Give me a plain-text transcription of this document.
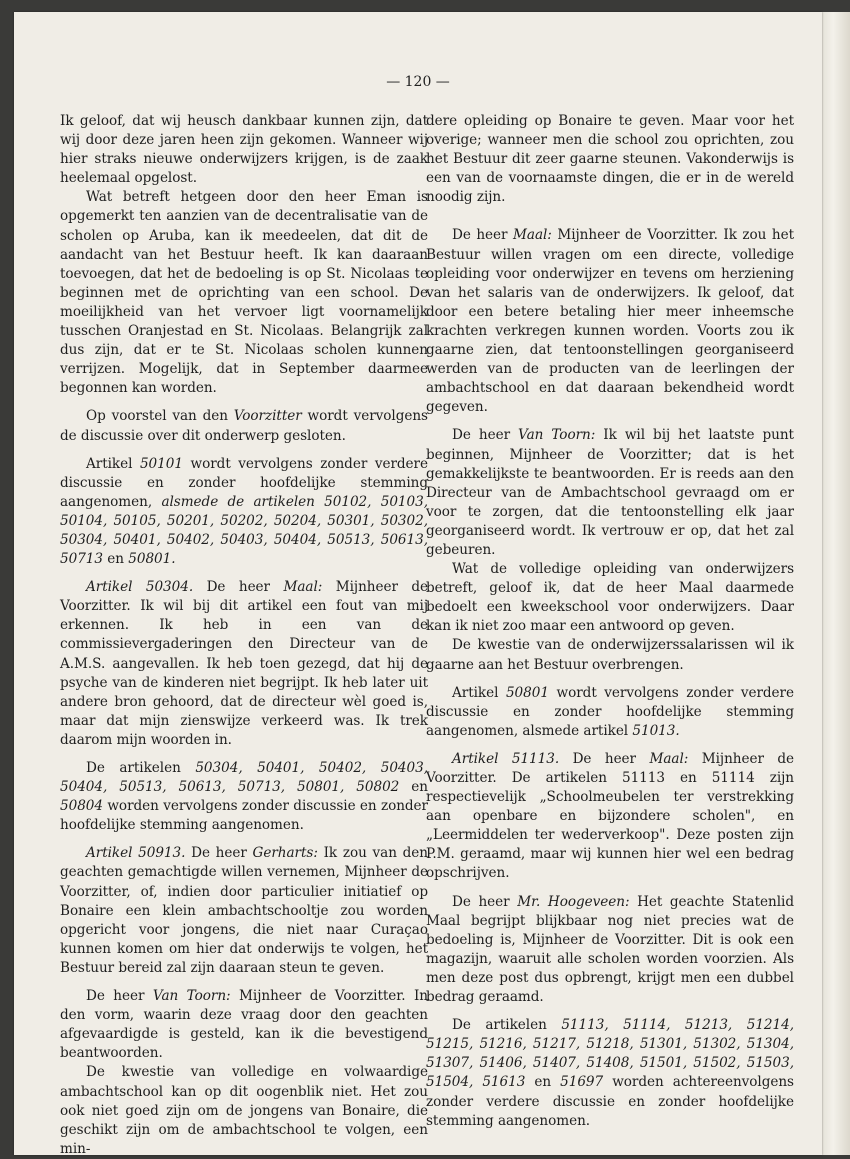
— 120 —

Ik geloof, dat wij heusch dankbaar kunnen zijn, dat wij door deze jaren heen zijn gekomen. Wanneer wij hier straks nieuwe onderwijzers krijgen, is de zaak heelemaal opgelost.

Wat betreft hetgeen door den heer Eman is opgemerkt ten aanzien van de decentralisatie van de scholen op Aruba, kan ik meedeelen, dat dit de aandacht van het Bestuur heeft. Ik kan daaraan toevoegen, dat het de bedoeling is op St. Nicolaas te beginnen met de oprichting van een school. De moeilijkheid van het vervoer ligt voornamelijk tusschen Oranjestad en St. Nicolaas. Belangrijk zal dus zijn, dat er te St. Nicolaas scholen kunnen verrijzen. Mogelijk, dat in September daarmee begonnen kan worden.

Op voorstel van den Voorzitter wordt vervolgens de discussie over dit onderwerp gesloten.

Artikel 50101 wordt vervolgens zonder verdere discussie en zonder hoofdelijke stemming aangenomen, alsmede de artikelen 50102, 50103, 50104, 50105, 50201, 50202, 50204, 50301, 50302, 50304, 50401, 50402, 50403, 50404, 50513, 50613, 50713 en 50801.

Artikel 50304. De heer Maal: Mijnheer de Voorzitter. Ik wil bij dit artikel een fout van mij erkennen. Ik heb in een van de commissievergaderingen den Directeur van de A.M.S. aangevallen. Ik heb toen gezegd, dat hij de psyche van de kinderen niet begrijpt. Ik heb later uit andere bron gehoord, dat de directeur wèl goed is, maar dat mijn zienswijze verkeerd was. Ik trek daarom mijn woorden in.

De artikelen 50304, 50401, 50402, 50403, 50404, 50513, 50613, 50713, 50801, 50802 en 50804 worden vervolgens zonder discussie en zonder hoofdelijke stemming aangenomen.

Artikel 50913. De heer Gerharts: Ik zou van den geachten gemachtigde willen vernemen, Mijnheer de Voorzitter, of, indien door particulier initiatief op Bonaire een klein ambachtschooltje zou worden opgericht voor jongens, die niet naar Curaçao kunnen komen om hier dat onderwijs te volgen, het Bestuur bereid zal zijn daaraan steun te geven.

De heer Van Toorn: Mijnheer de Voorzitter. In den vorm, waarin deze vraag door den geachten afgevaardigde is gesteld, kan ik die bevestigend beantwoorden.

De kwestie van volledige en volwaardige ambachtschool kan op dit oogenblik niet. Het zou ook niet goed zijn om de jongens van Bonaire, die geschikt zijn om de ambachtschool te volgen, een min-

dere opleiding op Bonaire te geven. Maar voor het overige; wanneer men die school zou oprichten, zou het Bestuur dit zeer gaarne steunen. Vakonderwijs is een van de voornaamste dingen, die er in de wereld noodig zijn.

De heer Maal: Mijnheer de Voorzitter. Ik zou het Bestuur willen vragen om een directe, volledige opleiding voor onderwijzer en tevens om herziening van het salaris van de onderwijzers. Ik geloof, dat door een betere betaling hier meer inheemsche krachten verkregen kunnen worden. Voorts zou ik gaarne zien, dat tentoonstellingen georganiseerd werden van de producten van de leerlingen der ambachtschool en dat daaraan bekendheid wordt gegeven.

De heer Van Toorn: Ik wil bij het laatste punt beginnen, Mijnheer de Voorzitter; dat is het gemakkelijkste te beantwoorden. Er is reeds aan den Directeur van de Ambachtschool gevraagd om er voor te zorgen, dat die tentoonstelling elk jaar georganiseerd wordt. Ik vertrouw er op, dat het zal gebeuren.

Wat de volledige opleiding van onderwijzers betreft, geloof ik, dat de heer Maal daarmede bedoelt een kweekschool voor onderwijzers. Daar kan ik niet zoo maar een antwoord op geven.

De kwestie van de onderwijzerssalarissen wil ik gaarne aan het Bestuur overbrengen.

Artikel 50801 wordt vervolgens zonder verdere discussie en zonder hoofdelijke stemming aangenomen, alsmede artikel 51013.

Artikel 51113. De heer Maal: Mijnheer de Voorzitter. De artikelen 51113 en 51114 zijn respectievelijk „Schoolmeubelen ter verstrekking aan openbare en bijzondere scholen", en „Leermiddelen ter wederverkoop". Deze posten zijn P.M. geraamd, maar wij kunnen hier wel een bedrag opschrijven.

De heer Mr. Hoogeveen: Het geachte Statenlid Maal begrijpt blijkbaar nog niet precies wat de bedoeling is, Mijnheer de Voorzitter. Dit is ook een magazijn, waaruit alle scholen worden voorzien. Als men deze post dus opbrengt, krijgt men een dubbel bedrag geraamd.

De artikelen 51113, 51114, 51213, 51214, 51215, 51216, 51217, 51218, 51301, 51302, 51304, 51307, 51406, 51407, 51408, 51501, 51502, 51503, 51504, 51613 en 51697 worden achtereenvolgens zonder verdere discussie en zonder hoofdelijke stemming aangenomen.
